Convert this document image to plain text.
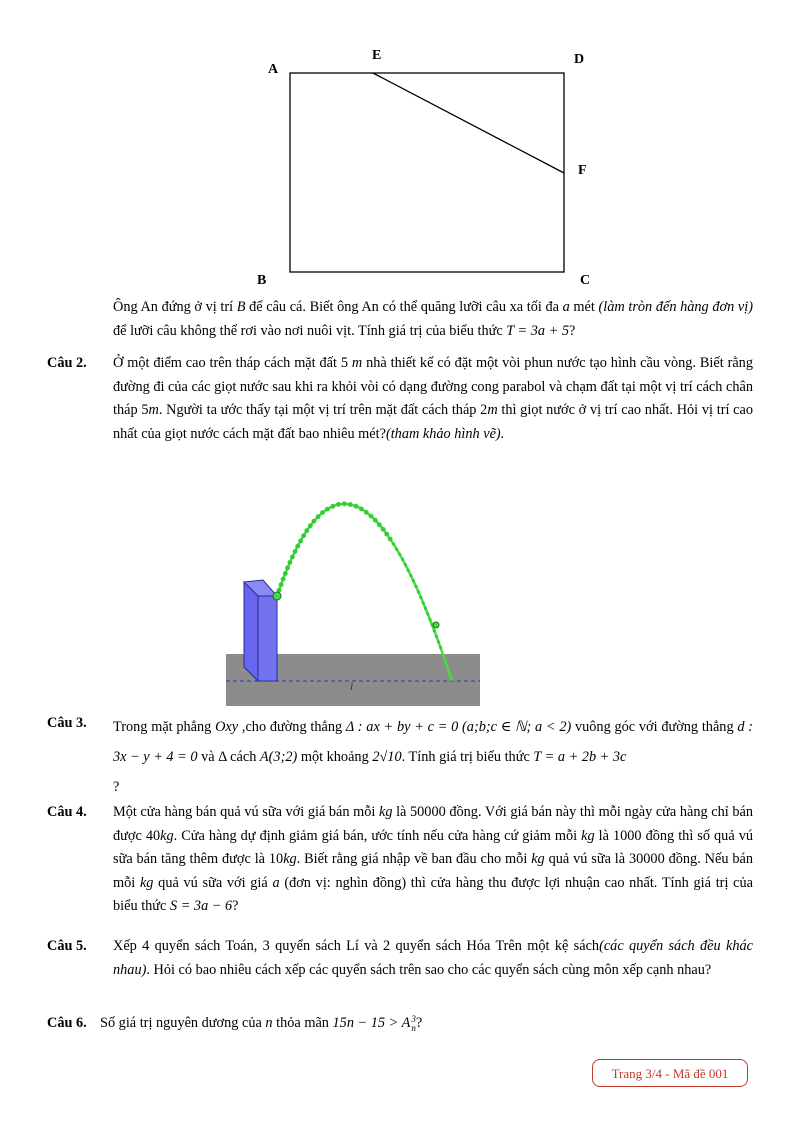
A
E	D
F
B	C
Ông An đứng ở vị trí B để câu cá. Biết ông An có thể quăng lưỡi câu xa tối đa a mét (làm tròn đến hàng đơn vị) để lưỡi câu không thể rơi vào nơi nuôi vịt. Tính giá trị của biểu thức T = 3a + 5?
Câu 2. Ở một điểm cao trên tháp cách mặt đất 5 m nhà thiết kế có đặt một vòi phun nước tạo hình cầu vòng. Biết rằng đường đi của các giọt nước sau khi ra khỏi vòi có dạng đường cong parabol và chạm đất tại một vị trí cách chân tháp 5m. Người ta ước thấy tại một vị trí trên mặt đất cách tháp 2m thì giọt nước ở vị trí cao nhất. Hỏi vị trí cao nhất của giọt nước cách mặt đất bao nhiêu mét?(tham khảo hình vẽ).
l
Câu 3. Trong mặt phẳng Oxy ,cho đường thẳng Δ : ax + by + c = 0 (a;b;c ∈ ℕ; a < 2) vuông góc với đường thẳng d : 3x − y + 4 = 0 và Δ cách A(3;2) một khoảng 2√10. Tính giá trị biểu thức T = a + 2b + 3c
?
Câu 4. Một cửa hàng bán quả vú sữa với giá bán mỗi kg là 50000 đồng. Với giá bán này thì mỗi ngày cửa hàng chỉ bán được 40kg. Cửa hàng dự định giảm giá bán, ước tính nếu cửa hàng cứ giảm mỗi kg là 1000 đồng thì số quả vú sữa bán tăng thêm được là 10kg. Biết rằng giá nhập về ban đầu cho mỗi kg quả vú sữa là 30000 đồng. Nếu bán mỗi kg quả vú sữa với giá a (đơn vị: nghìn đồng) thì cửa hàng thu được lợi nhuận cao nhất. Tính giá trị của biểu thức S = 3a − 6?
Câu 5. Xếp 4 quyển sách Toán, 3 quyển sách Lí và 2 quyển sách Hóa Trên một kệ sách(các quyển sách đều khác nhau). Hỏi có bao nhiêu cách xếp các quyển sách trên sao cho các quyển sách cùng môn xếp cạnh nhau?
Câu 6. Số giá trị nguyên dương của n thỏa mãn 15n − 15 > A 3
n ?
Trang 3/4 - Mã đề 001
